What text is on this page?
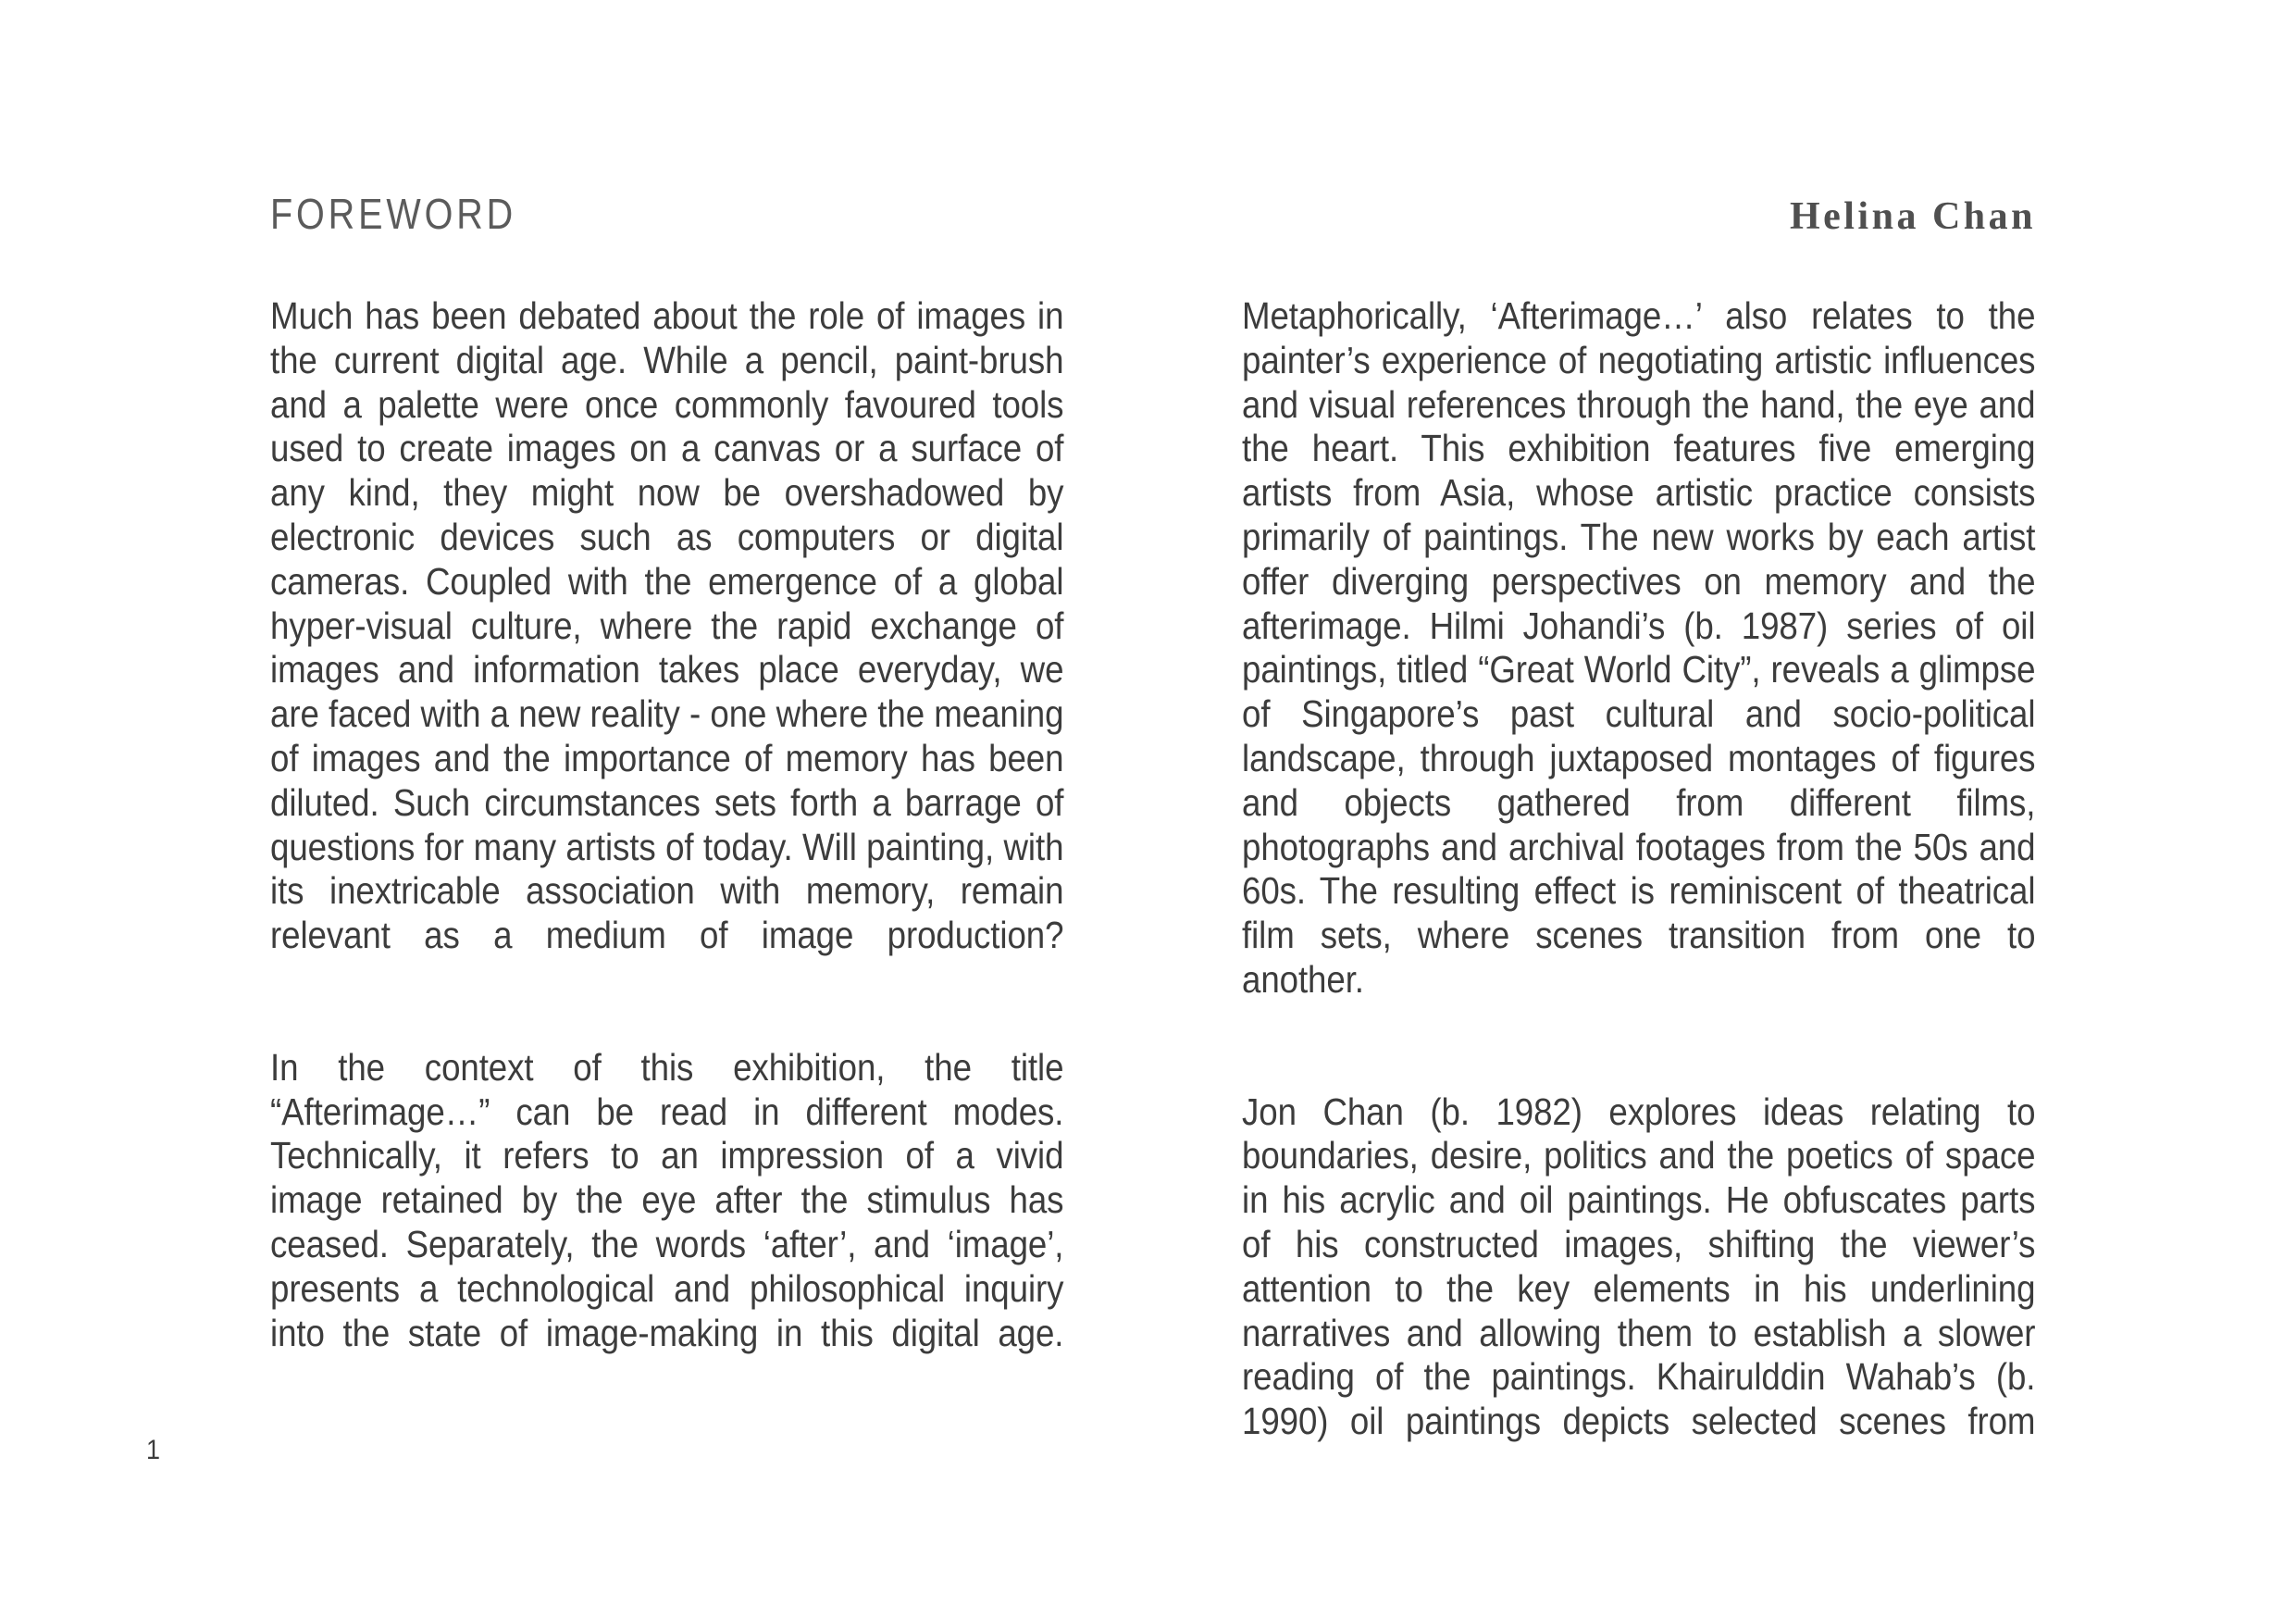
FOREWORD	Helina Chan

Much has been debated about the role of images in the current digital age. While a pencil, paint-brush and a palette were once commonly favoured tools used to create images on a canvas or a surface of any kind, they might now be overshadowed by electronic devices such as computers or digital cameras. Coupled with the emergence of a global hyper-visual culture, where the rapid exchange of images and information takes place everyday, we are faced with a new reality - one where the meaning of images and the importance of memory has been diluted. Such circumstances sets forth a barrage of questions for many artists of today. Will painting, with its inextricable association with memory, remain relevant as a medium of image production?

In the context of this exhibition, the title “Afterimage…” can be read in different modes. Technically, it refers to an impression of a vivid image retained by the eye after the stimulus has ceased. Separately, the words ‘after’, and ‘image’, presents a technological and philosophical inquiry into the state of image-making in this digital age.

Metaphorically, ‘Afterimage…’ also relates to the painter’s experience of negotiating artistic influences and visual references through the hand, the eye and the heart. This exhibition features five emerging artists from Asia, whose artistic practice consists primarily of paintings. The new works by each artist offer diverging perspectives on memory and the afterimage. Hilmi Johandi’s (b. 1987) series of oil paintings, titled “Great World City”, reveals a glimpse of Singapore’s past cultural and socio-political landscape, through juxtaposed montages of figures and objects gathered from different films, photographs and archival footages from the 50s and 60s. The resulting effect is reminiscent of theatrical film sets, where scenes transition from one to another.

Jon Chan (b. 1982) explores ideas relating to boundaries, desire, politics and the poetics of space in his acrylic and oil paintings. He obfuscates parts of his constructed images, shifting the viewer’s attention to the key elements in his underlining narratives and allowing them to establish a slower reading of the paintings. Khairulddin Wahab’s (b. 1990) oil paintings depicts selected scenes from

1
